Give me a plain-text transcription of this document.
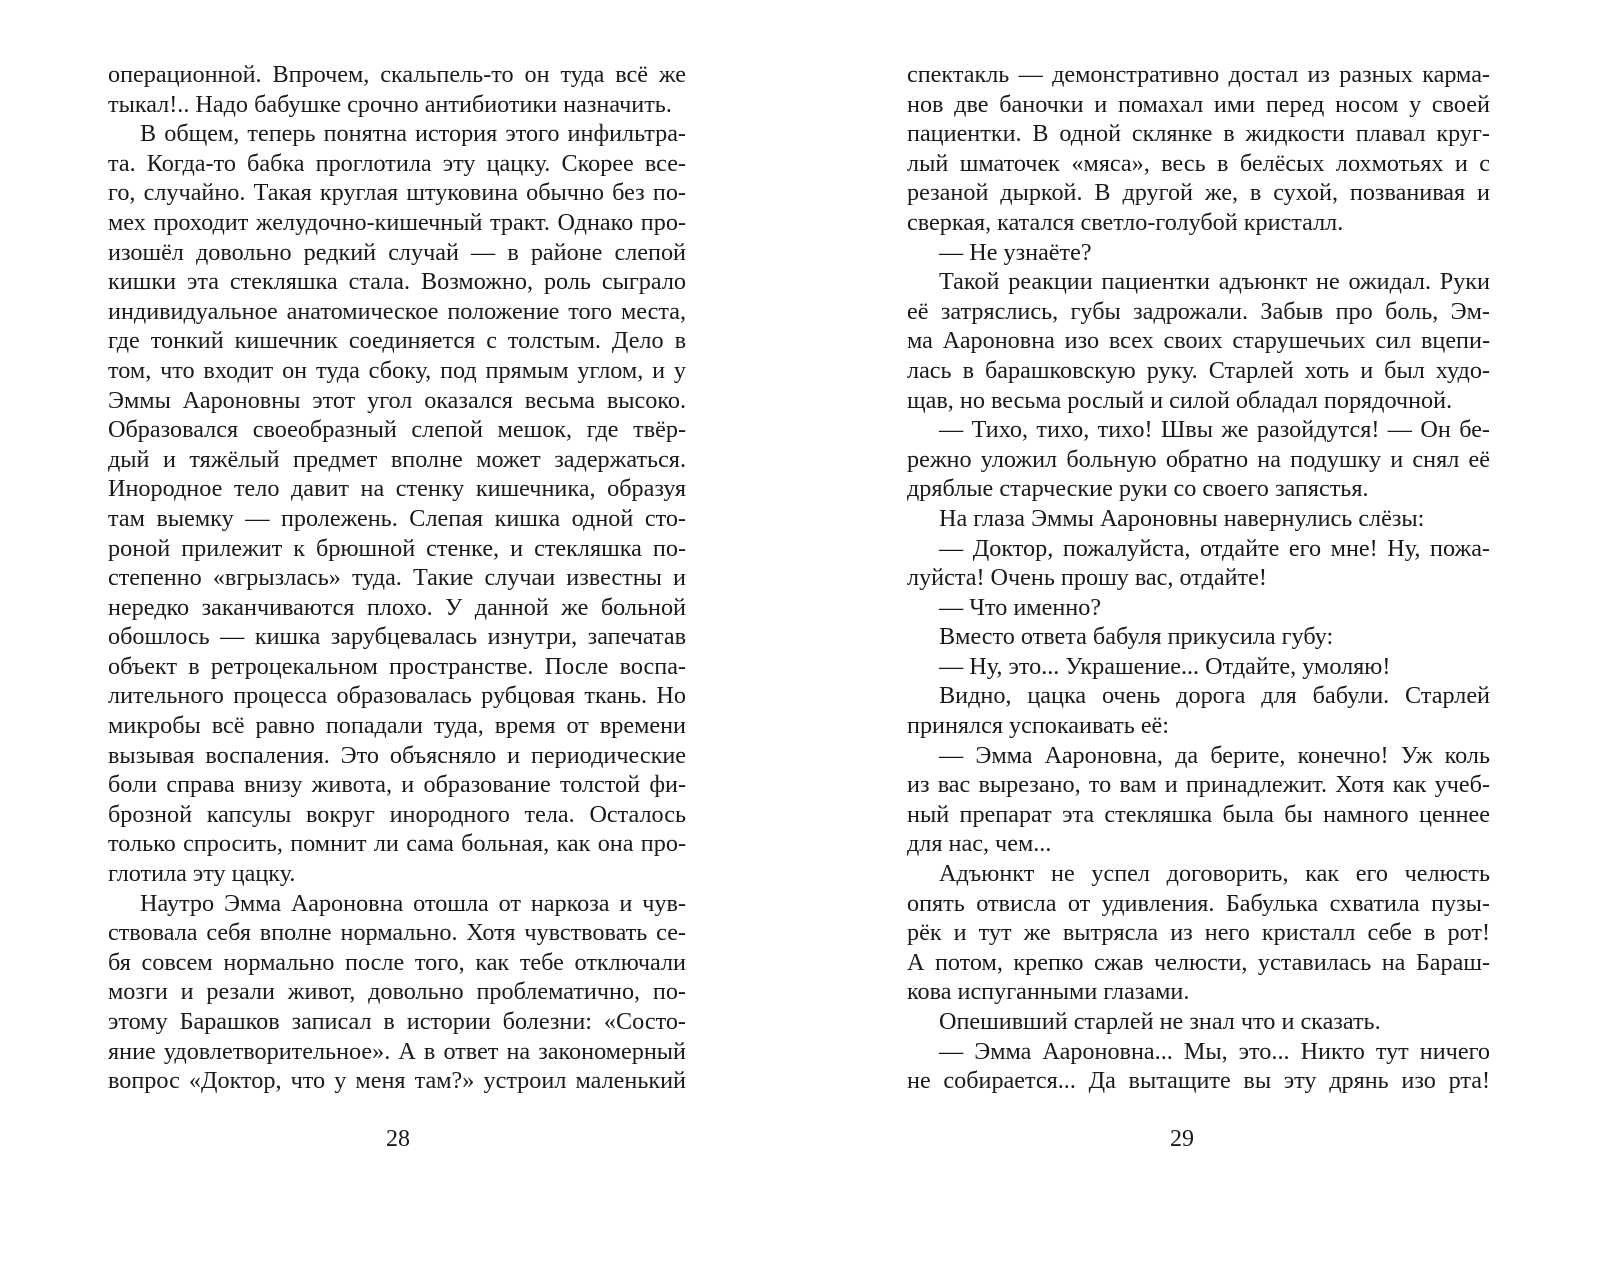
операционной. Впрочем, скальпель-то он туда всё же
тыкал!.. Надо бабушке срочно антибиотики назначить.
В общем, теперь понятна история этого инфильтра-
та. Когда-то бабка проглотила эту цацку. Скорее все-
го, случайно. Такая круглая штуковина обычно без по-
мех проходит желудочно-кишечный тракт. Однако про-
изошёл довольно редкий случай — в районе слепой
кишки эта стекляшка стала. Возможно, роль сыграло
индивидуальное анатомическое положение того места,
где тонкий кишечник соединяется с толстым. Дело в
том, что входит он туда сбоку, под прямым углом, и у
Эммы Аароновны этот угол оказался весьма высоко.
Образовался своеобразный слепой мешок, где твёр-
дый и тяжёлый предмет вполне может задержаться.
Инородное тело давит на стенку кишечника, образуя
там выемку — пролежень. Слепая кишка одной сто-
роной прилежит к брюшной стенке, и стекляшка по-
степенно «вгрызлась» туда. Такие случаи известны и
нередко заканчиваются плохо. У данной же больной
обошлось — кишка зарубцевалась изнутри, запечатав
объект в ретроцекальном пространстве. После воспа-
лительного процесса образовалась рубцовая ткань. Но
микробы всё равно попадали туда, время от времени
вызывая воспаления. Это объясняло и периодические
боли справа внизу живота, и образование толстой фи-
брозной капсулы вокруг инородного тела. Осталось
только спросить, помнит ли сама больная, как она про-
глотила эту цацку.
Наутро Эмма Аароновна отошла от наркоза и чув-
ствовала себя вполне нормально. Хотя чувствовать се-
бя совсем нормально после того, как тебе отключали
мозги и резали живот, довольно проблематично, по-
этому Барашков записал в истории болезни: «Состо-
яние удовлетворительное». А в ответ на закономерный
вопрос «Доктор, что у меня там?» устроил маленький
28
спектакль — демонстративно достал из разных карма-
нов две баночки и помахал ими перед носом у своей
пациентки. В одной склянке в жидкости плавал круг-
лый шматочек «мяса», весь в белёсых лохмотьях и с
резаной дыркой. В другой же, в сухой, позванивая и
сверкая, катался светло-голубой кристалл.
— Не узнаёте?
Такой реакции пациентки адъюнкт не ожидал. Руки
её затряслись, губы задрожали. Забыв про боль, Эм-
ма Аароновна изо всех своих старушечьих сил вцепи-
лась в барашковскую руку. Старлей хоть и был худо-
щав, но весьма рослый и силой обладал порядочной.
— Тихо, тихо, тихо! Швы же разойдутся! — Он бе-
режно уложил больную обратно на подушку и снял её
дряблые старческие руки со своего запястья.
На глаза Эммы Аароновны навернулись слёзы:
— Доктор, пожалуйста, отдайте его мне! Ну, пожа-
луйста! Очень прошу вас, отдайте!
— Что именно?
Вместо ответа бабуля прикусила губу:
— Ну, это... Украшение... Отдайте, умоляю!
Видно, цацка очень дорога для бабули. Старлей
принялся успокаивать её:
— Эмма Аароновна, да берите, конечно! Уж коль
из вас вырезано, то вам и принадлежит. Хотя как учеб-
ный препарат эта стекляшка была бы намного ценнее
для нас, чем...
Адъюнкт не успел договорить, как его челюсть
опять отвисла от удивления. Бабулька схватила пузы-
рёк и тут же вытрясла из него кристалл себе в рот!
А потом, крепко сжав челюсти, уставилась на Бараш-
кова испуганными глазами.
Опешивший старлей не знал что и сказать.
— Эмма Аароновна... Мы, это... Никто тут ничего
не собирается... Да вытащите вы эту дрянь изо рта!
29
